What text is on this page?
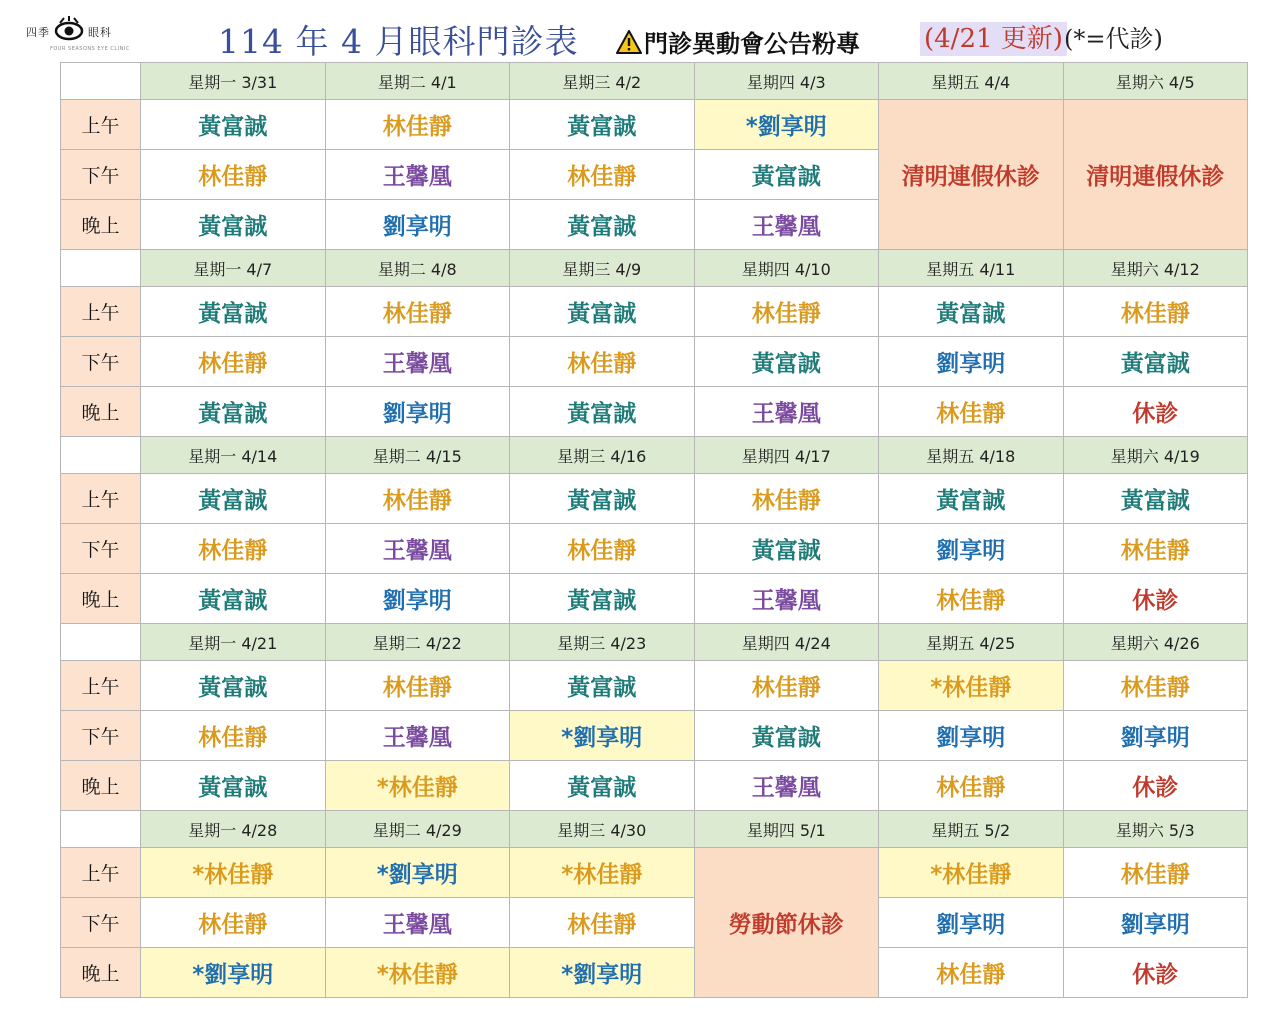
四季	眼科
FOUR SEASONS EYE CLINIC	114 年 4 月眼科門診表	門診異動會公告粉專 (4/21 更新) (*=代診)
	星期一 3/31	星期二 4/1	星期三 4/2	星期四 4/3	星期五 4/4	星期六 4/5
上午	黃富誠	林佳靜	黃富誠	*劉享明	清明連假休診	清明連假休診
下午	林佳靜	王馨凰	林佳靜	黃富誠		
晚上	黃富誠	劉享明	黃富誠	王馨凰		
	星期一 4/7	星期二 4/8	星期三 4/9	星期四 4/10	星期五 4/11	星期六 4/12
上午	黃富誠	林佳靜	黃富誠	林佳靜	黃富誠	林佳靜
下午	林佳靜	王馨凰	林佳靜	黃富誠	劉享明	黃富誠
晚上	黃富誠	劉享明	黃富誠	王馨凰	林佳靜	休診
	星期一 4/14	星期二 4/15	星期三 4/16	星期四 4/17	星期五 4/18	星期六 4/19
上午	黃富誠	林佳靜	黃富誠	林佳靜	黃富誠	黃富誠
下午	林佳靜	王馨凰	林佳靜	黃富誠	劉享明	林佳靜
晚上	黃富誠	劉享明	黃富誠	王馨凰	林佳靜	休診
	星期一 4/21	星期二 4/22	星期三 4/23	星期四 4/24	星期五 4/25	星期六 4/26
上午	黃富誠	林佳靜	黃富誠	林佳靜	*林佳靜	林佳靜
下午	林佳靜	王馨凰	*劉享明	黃富誠	劉享明	劉享明
晚上	黃富誠	*林佳靜	黃富誠	王馨凰	林佳靜	休診
	星期一 4/28	星期二 4/29	星期三 4/30	星期四 5/1	星期五 5/2	星期六 5/3
上午	*林佳靜	*劉享明	*林佳靜	勞動節休診	*林佳靜	林佳靜
下午	林佳靜	王馨凰	林佳靜		劉享明	劉享明
晚上	*劉享明	*林佳靜	*劉享明		林佳靜	休診
